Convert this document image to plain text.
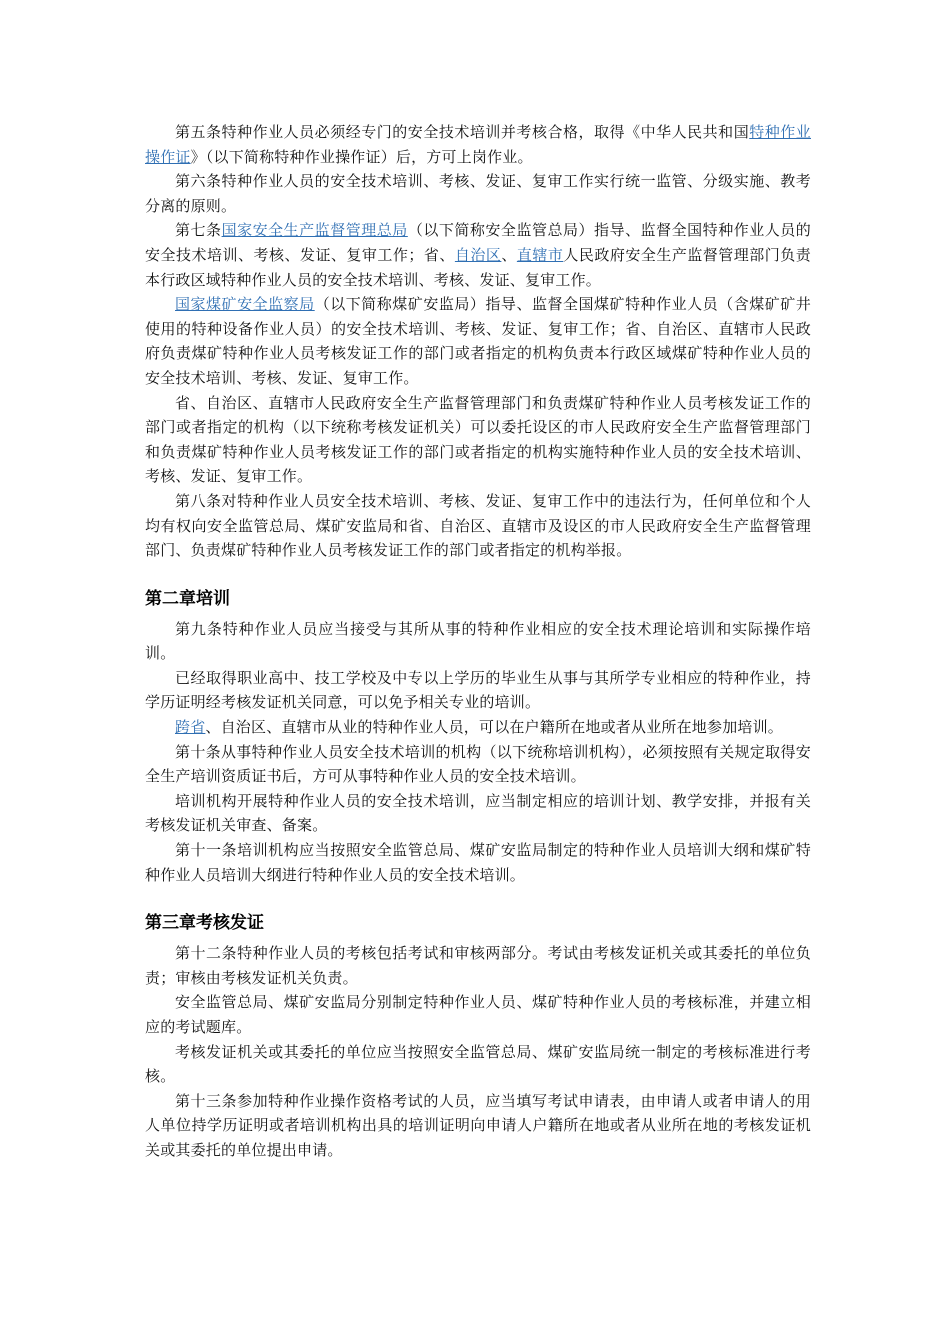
第五条特种作业人员必须经专门的安全技术培训并考核合格，取得《中华人民共和国特种作业操作证》（以下简称特种作业操作证）后，方可上岗作业。

第六条特种作业人员的安全技术培训、考核、发证、复审工作实行统一监管、分级实施、教考分离的原则。

第七条国家安全生产监督管理总局（以下简称安全监管总局）指导、监督全国特种作业人员的安全技术培训、考核、发证、复审工作；省、自治区、直辖市人民政府安全生产监督管理部门负责本行政区域特种作业人员的安全技术培训、考核、发证、复审工作。

国家煤矿安全监察局（以下简称煤矿安监局）指导、监督全国煤矿特种作业人员（含煤矿矿井使用的特种设备作业人员）的安全技术培训、考核、发证、复审工作；省、自治区、直辖市人民政府负责煤矿特种作业人员考核发证工作的部门或者指定的机构负责本行政区域煤矿特种作业人员的安全技术培训、考核、发证、复审工作。

省、自治区、直辖市人民政府安全生产监督管理部门和负责煤矿特种作业人员考核发证工作的部门或者指定的机构（以下统称考核发证机关）可以委托设区的市人民政府安全生产监督管理部门和负责煤矿特种作业人员考核发证工作的部门或者指定的机构实施特种作业人员的安全技术培训、考核、发证、复审工作。

第八条对特种作业人员安全技术培训、考核、发证、复审工作中的违法行为，任何单位和个人均有权向安全监管总局、煤矿安监局和省、自治区、直辖市及设区的市人民政府安全生产监督管理部门、负责煤矿特种作业人员考核发证工作的部门或者指定的机构举报。

第二章培训

第九条特种作业人员应当接受与其所从事的特种作业相应的安全技术理论培训和实际操作培训。

已经取得职业高中、技工学校及中专以上学历的毕业生从事与其所学专业相应的特种作业，持学历证明经考核发证机关同意，可以免予相关专业的培训。

跨省、自治区、直辖市从业的特种作业人员，可以在户籍所在地或者从业所在地参加培训。

第十条从事特种作业人员安全技术培训的机构（以下统称培训机构），必须按照有关规定取得安全生产培训资质证书后，方可从事特种作业人员的安全技术培训。

培训机构开展特种作业人员的安全技术培训，应当制定相应的培训计划、教学安排，并报有关考核发证机关审查、备案。

第十一条培训机构应当按照安全监管总局、煤矿安监局制定的特种作业人员培训大纲和煤矿特种作业人员培训大纲进行特种作业人员的安全技术培训。

第三章考核发证

第十二条特种作业人员的考核包括考试和审核两部分。考试由考核发证机关或其委托的单位负责；审核由考核发证机关负责。

安全监管总局、煤矿安监局分别制定特种作业人员、煤矿特种作业人员的考核标准，并建立相应的考试题库。

考核发证机关或其委托的单位应当按照安全监管总局、煤矿安监局统一制定的考核标准进行考核。

第十三条参加特种作业操作资格考试的人员，应当填写考试申请表，由申请人或者申请人的用人单位持学历证明或者培训机构出具的培训证明向申请人户籍所在地或者从业所在地的考核发证机关或其委托的单位提出申请。
